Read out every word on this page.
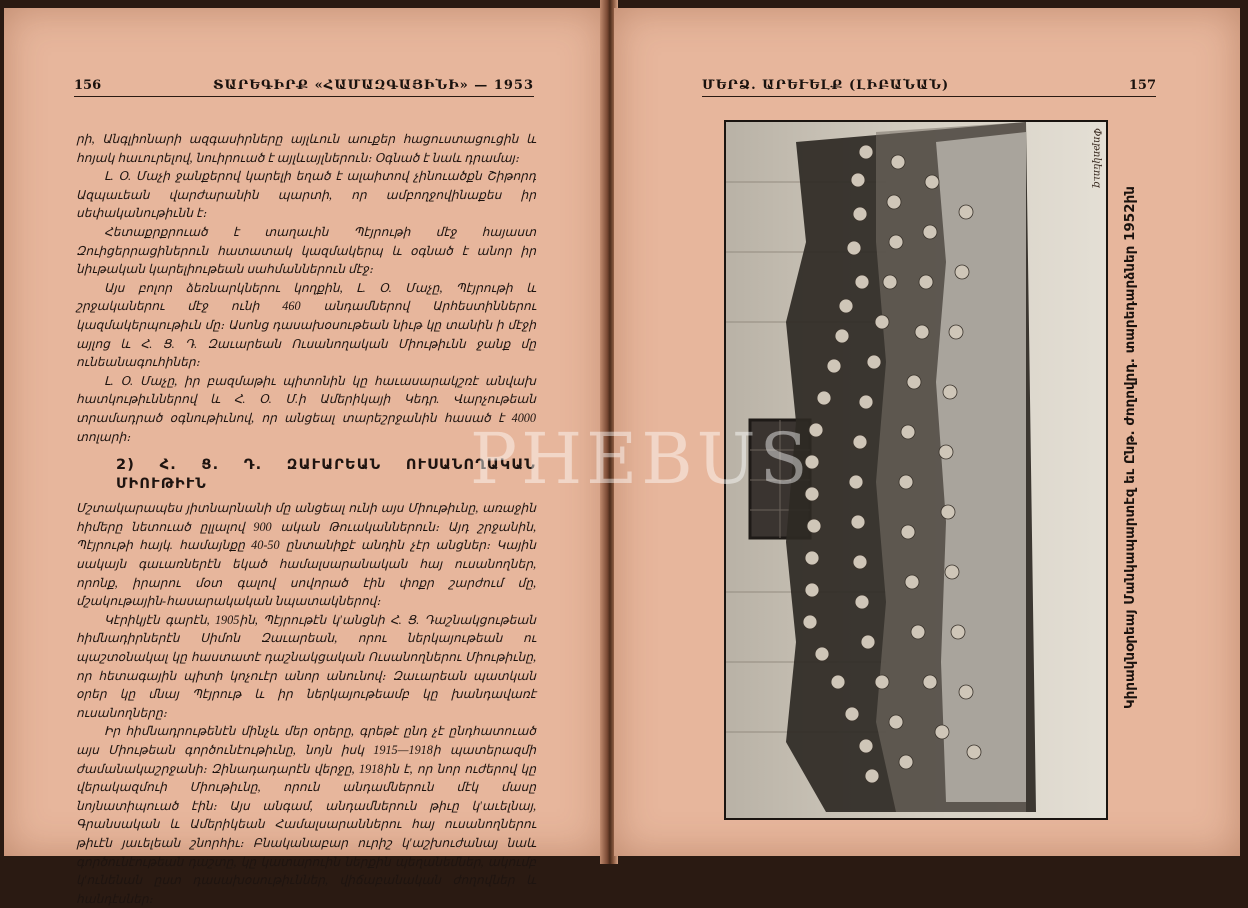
156	ՏԱՐԵԳԻՐՔ «ՀԱՄԱԶԳԱՅԻՆԻ» — 1953

րի, Անգլիոնարի ազգասիրները այլևուն աուքեր հացուստացուցին և հոյակ հաւուրելով, նուիրուած է այլևայլներուն։ Օգնած է նաև դրամայ։

Լ. Օ. Մաչի ջանքերով կարելի եղած է ալաիտով չինուածքն Շիթորդ Ազպաւեան վարժարանին պարտի, որ ամբողջովինաքես իր սեփականութիւնն է։

Հետաքրքրուած է տաղաւին Պէյրութի մէջ հայաստ Զուիցերրացիներուն հատատակ կազմակերպ և օգնած է անոր իր նիւթական կարելիութեան սահմաններուն մէջ։

Այս բոլոր ձեռնարկներու կողքին, Լ. Օ. Մաչը, Պէյրութի և շրջականերու մէջ ունի 460 անդամներով Արհեստիններու կազմակերպութիւն մը։ Ասոնց դասախօսութեան նիւթ կը տանին ի մէջի այլոց և Հ. Ց. Դ. Զաւարեան Ուսանողական Միութիւնն ջանք մը ունեանագուհիներ։

Լ. Օ. Մաչը, իր բազմաթիւ պիտոնին կը հաւասարակշռէ անվախ հատկութիւններով և Հ. Օ. Մ.ի Ամերիկայի Կեդր. Վարչութեան տրամադրած օգնութիւնով, որ անցեալ տարեշրջանին հասած է 4000 տոլարի։

2) Հ. Ց. Դ. ԶԱՒԱՐԵԱՆ ՈՒՍԱՆՈՂԱԿԱՆ ՄԻՈՒԹԻՒՆ

Մշտակարապես յիտնարնանի մը անցեալ ունի այս Միութիւնը, առաջին հիմերը նետուած ըլլալով 900 ական Թուականներուն։ Այդ շրջանին, Պէյրութի հայկ. համայնքը 40-50 ընտանիքէ անդին չէր անցներ։ Կային սակայն գաւառներէն եկած համալսարանական հայ ուսանողներ, որոնք, իրարու մօտ գալով սովորած էին փոքր շարժում մը, մշակութային-հասարակական նպատակներով։

Կէրիկյէն գարէն, 1905ին, Պէյրութէն կ'անցնի Հ. Ց. Դաշնակցութեան հիմնադիրներէն Սիմոն Զաւարեան, որու ներկայութեան ու պաշտօնակալ կը հաստատէ դաշնակցական Ուսանողներու Միութիւնը, որ հետագային պիտի կոչուէր անոր անունով։ Զաւարեան պատկան օրեր կը մնայ Պէյրութ և իր ներկայութեամբ կը խանդավառէ ուսանողները։

Իր հիմնադրութենէն մինչև մեր օրերը, գրեթէ ընդ չէ ընդհատուած այս Միութեան գործունէութիւնը, նոյն իսկ 1915—1918ի պատերազմի ժամանակաշրջանի։ Զինադադարէն վերջը, 1918ին է, որ նոր ուժերով կը վերակազմուի Միութիւնը, որուն անդամներուն մէկ մասը նոյնատիպուած էին։ Այս անգամ, անդամներուն թիւը կ'աւելնայ, Գրանսական և Ամերիկեան Համալսարաններու հայ ուսանողներու թիւէն յաւելեան շնորհիւ։ Բնականաբար ուրիշ կ'աշխուժանայ նաև գործունէութեան դաշտը, կը կատարուին ներքին պեղանեմներ, ակումբ կ'ունենան ըստ դասախօսութիւններ, վիճաբանական ժողովներ և հանդէսներ։

ՄԵՐՁ. ԱՐԵՒԵԼՔ (ԼԻԲԱՆԱՆ)	157

Փոթոկեուզ
Կիրակնօրեայ Մանկապարտէզ եւ Ընթ. ժողովրդ. տարեդարձներ 1952ին
PHEBUS
